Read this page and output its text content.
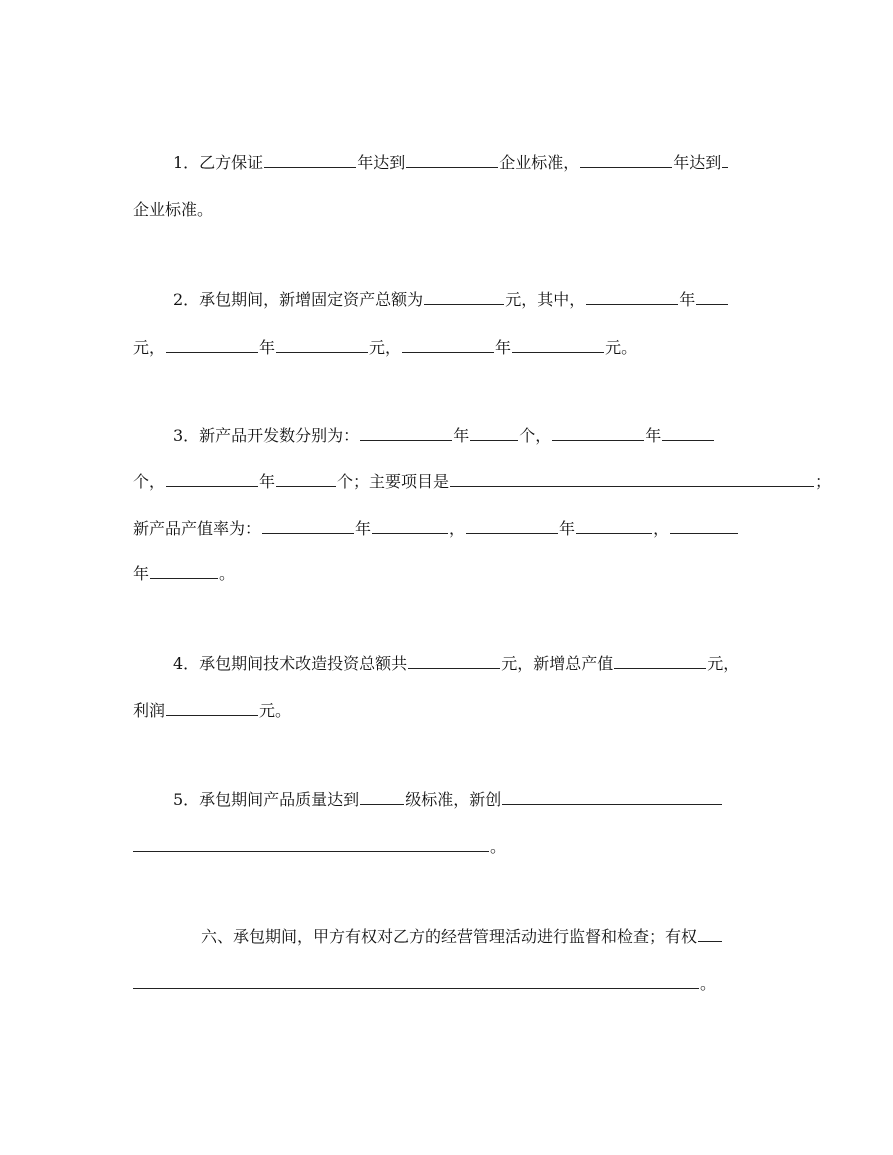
1．乙方保证	年达到	企业标准，	年达到
企业标准。
2．承包期间，新增固定资产总额为	元，其中，	年
元，	年	元，	年	元。
3．新产品开发数分别为：	年	个，	年
个，	年	个；主要项目是	；
新产品产值率为：	年	，	年	，
年	。
4．承包期间技术改造投资总额共	元，新增总产值	元，
利润	元。
5．承包期间产品质量达到	级标准，新创
。
六、承包期间，甲方有权对乙方的经营管理活动进行监督和检查；有权
。
